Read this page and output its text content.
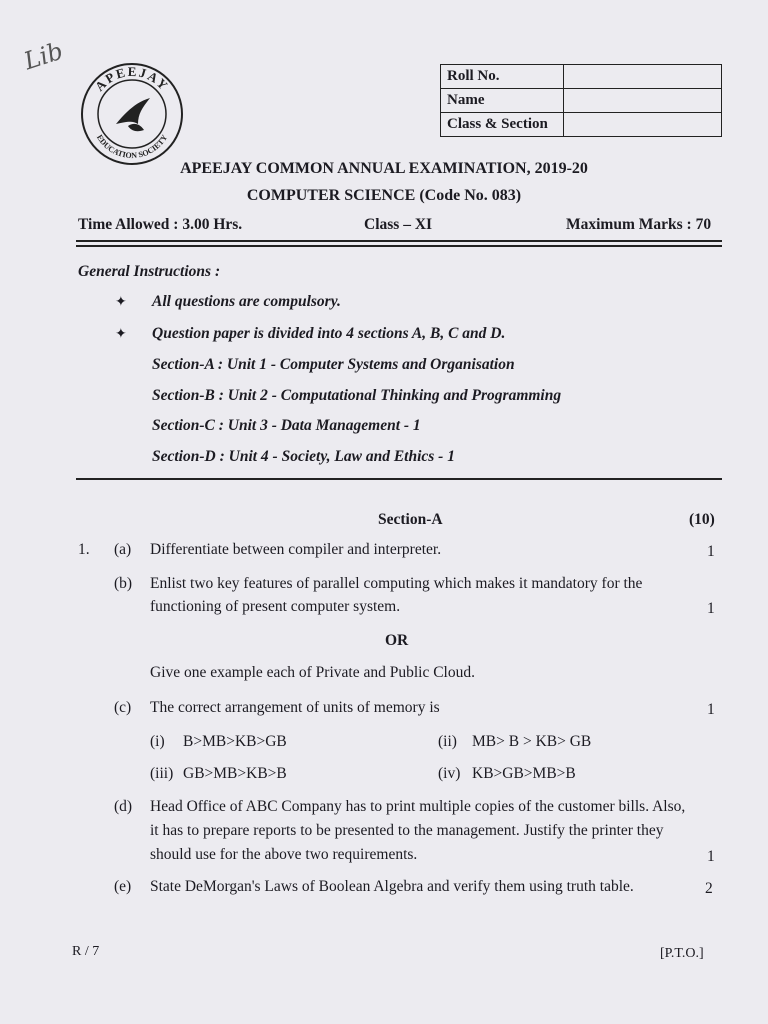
Lib
APEEJAY
EDUCATION SOCIETY
Roll No.	
Name	
Class & Section	
APEEJAY COMMON ANNUAL EXAMINATION, 2019-20
COMPUTER SCIENCE (Code No. 083)
Time Allowed : 3.00 Hrs.	Class – XI	Maximum Marks : 70
General Instructions :
✦ All questions are compulsory.
✦ Question paper is divided into 4 sections A, B, C and D.
Section-A : Unit 1 - Computer Systems and Organisation
Section-B : Unit 2 - Computational Thinking and Programming
Section-C : Unit 3 - Data Management - 1
Section-D : Unit 4 - Society, Law and Ethics - 1
Section-A	(10)
1. (a) Differentiate between compiler and interpreter.	1
(b) Enlist two key features of parallel computing which makes it mandatory for the
functioning of present computer system.	1
OR
Give one example each of Private and Public Cloud.
(c) The correct arrangement of units of memory is	1
(i) B>MB>KB>GB	(ii) MB> B > KB> GB
(iii) GB>MB>KB>B	(iv) KB>GB>MB>B
(d) Head Office of ABC Company has to print multiple copies of the customer bills. Also,
it has to prepare reports to be presented to the management. Justify the printer they
should use for the above two requirements.	1
(e) State DeMorgan's Laws of Boolean Algebra and verify them using truth table.	2
R / 7	[P.T.O.]
